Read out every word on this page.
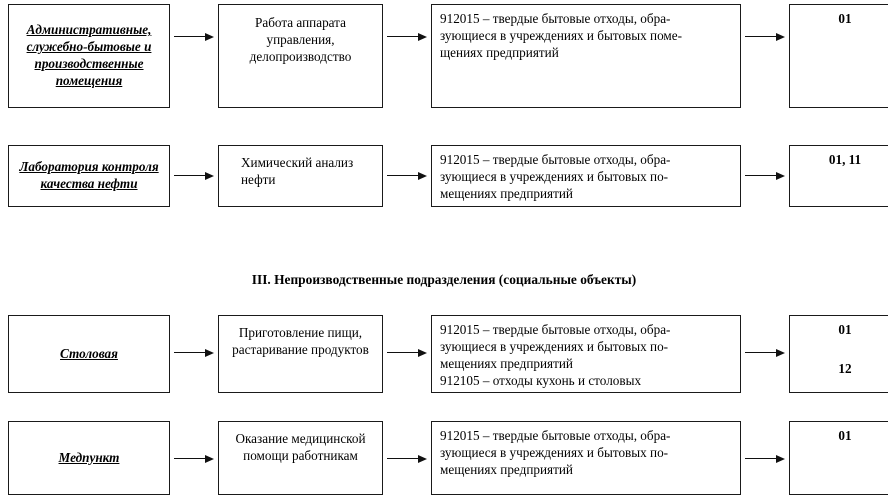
Административные, служебно-бытовые и производственные помещения
Работа аппарата управления, делопроизводство
912015 – твердые бытовые отходы, обра-
зующиеся в учреждениях и бытовых поме-
щениях предприятий
01
Лаборатория контроля качества нефти
Химический анализ нефти
912015 – твердые бытовые отходы, обра-
зующиеся в учреждениях и бытовых по-
мещениях предприятий
01, 11
III. Непроизводственные подразделения (социальные объекты)
Столовая
Приготовление пищи, растаривание продуктов
912015 – твердые бытовые отходы, обра-
зующиеся в учреждениях и бытовых по-
мещениях предприятий
912105 – отходы кухонь и столовых
01
12
Медпункт
Оказание медицинской помощи работникам
912015 – твердые бытовые отходы, обра-
зующиеся в учреждениях и бытовых по-
мещениях предприятий
01
